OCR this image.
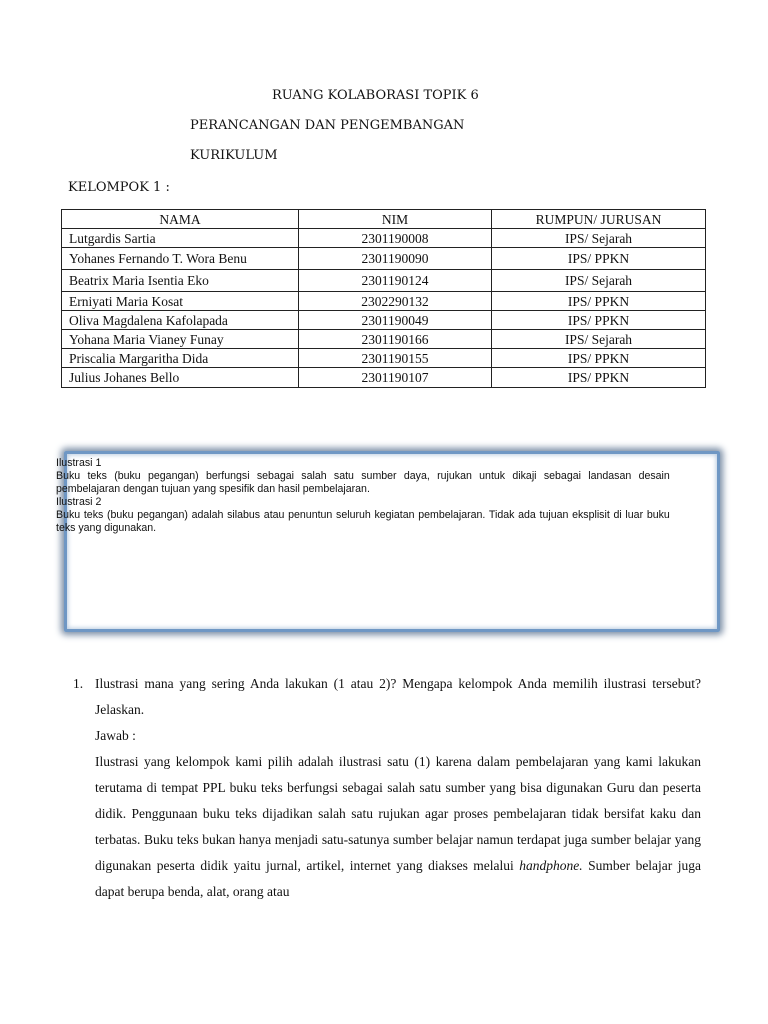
RUANG KOLABORASI TOPIK 6
PERANCANGAN DAN PENGEMBANGAN
KURIKULUM
KELOMPOK 1 :
NAMA	NIM	RUMPUN/ JURUSAN
Lutgardis Sartia	2301190008	IPS/ Sejarah
Yohanes Fernando T. Wora Benu	2301190090	IPS/ PPKN
Beatrix Maria Isentia Eko	2301190124	IPS/ Sejarah
Erniyati Maria Kosat	2302290132	IPS/ PPKN
Oliva Magdalena Kafolapada	2301190049	IPS/ PPKN
Yohana Maria Vianey Funay	2301190166	IPS/ Sejarah
Priscalia Margaritha Dida	2301190155	IPS/ PPKN
Julius Johanes Bello	2301190107	IPS/ PPKN
Ilustrasi 1

Buku teks (buku pegangan) berfungsi sebagai salah satu sumber daya, rujukan untuk dikaji sebagai landasan desain pembelajaran dengan tujuan yang spesifik dan hasil pembelajaran.

Ilustrasi 2

Buku teks (buku pegangan) adalah silabus atau penuntun seluruh kegiatan pembelajaran. Tidak ada tujuan eksplisit di luar buku teks yang digunakan.

1. Ilustrasi mana yang sering Anda lakukan (1 atau 2)? Mengapa kelompok Anda memilih ilustrasi tersebut? Jelaskan.

Jawab :

Ilustrasi yang kelompok kami pilih adalah ilustrasi satu (1) karena dalam pembelajaran yang kami lakukan terutama di tempat PPL buku teks berfungsi sebagai salah satu sumber yang bisa digunakan Guru dan peserta didik. Penggunaan buku teks dijadikan salah satu rujukan agar proses pembelajaran tidak bersifat kaku dan terbatas. Buku teks bukan hanya menjadi satu-satunya sumber belajar namun terdapat juga sumber belajar yang digunakan peserta didik yaitu jurnal, artikel, internet yang diakses melalui handphone. Sumber belajar juga dapat berupa benda, alat, orang atau
